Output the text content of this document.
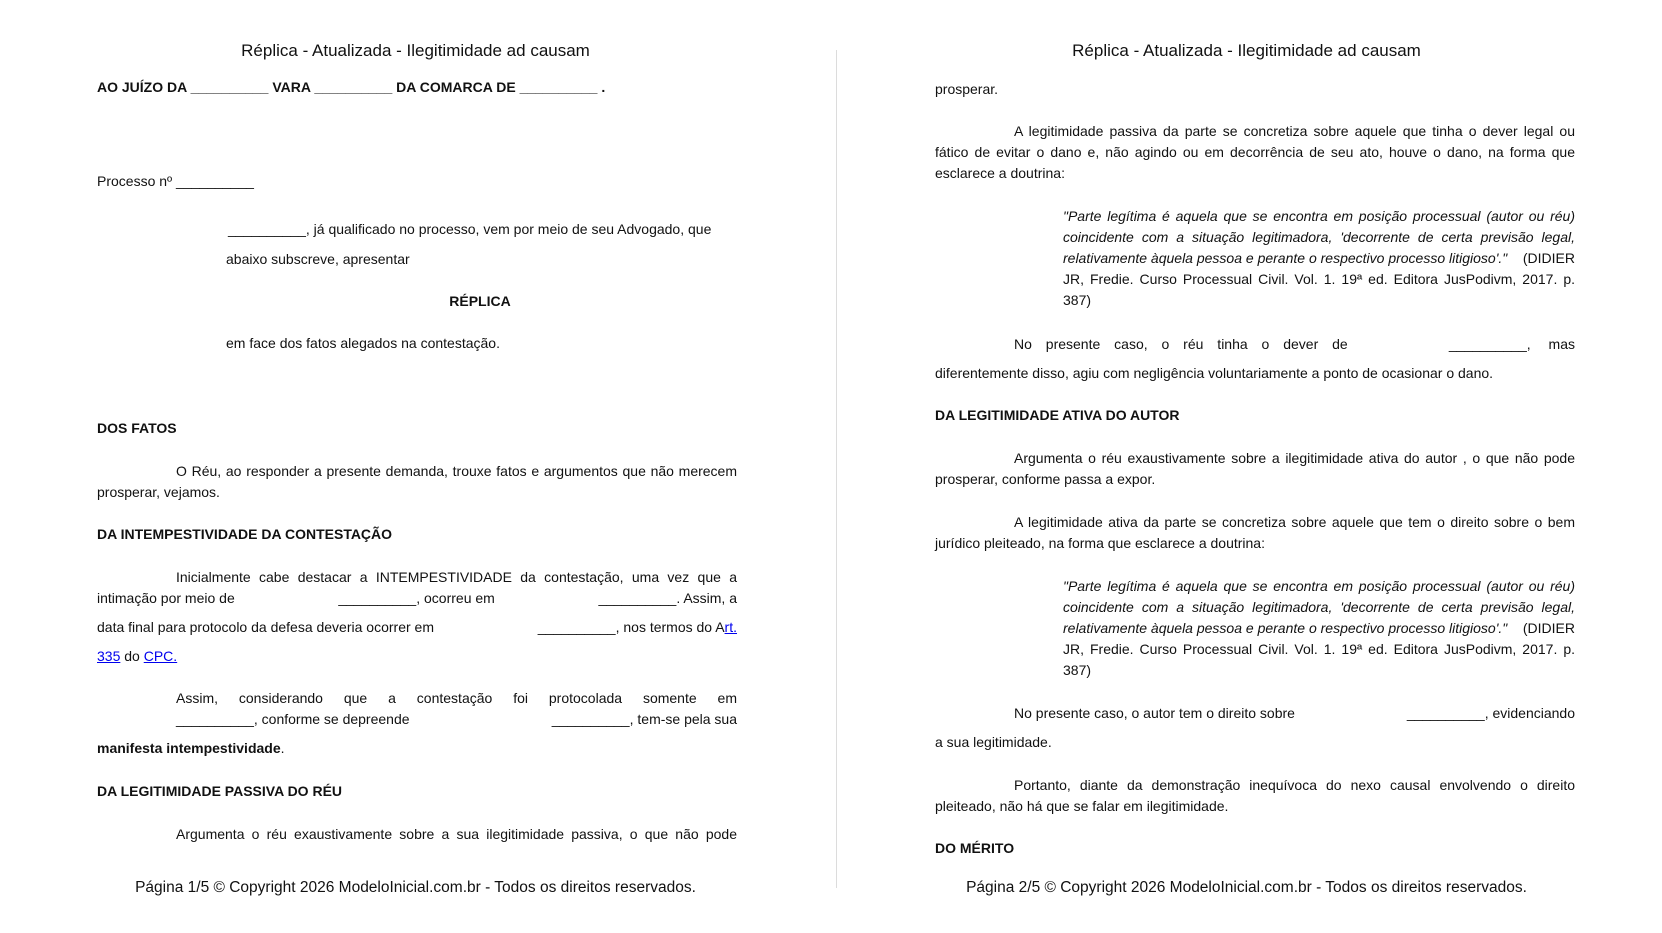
Réplica - Atualizada - Ilegitimidade ad causam
AO JUÍZO DA __________ VARA __________ DA COMARCA DE __________ .
Processo nº __________
__________, já qualificado no processo, vem por meio de seu Advogado, que
abaixo subscreve, apresentar
RÉPLICA
em face dos fatos alegados na contestação.
DOS FATOS
O Réu, ao responder a presente demanda, trouxe fatos e argumentos que não merecem
prosperar, vejamos.
DA INTEMPESTIVIDADE DA CONTESTAÇÃO
Inicialmente cabe destacar a INTEMPESTIVIDADE da contestação, uma vez que a
intimação por meio de	__________, ocorreu em	__________. Assim, a
data final para protocolo da defesa deveria ocorrer em	__________, nos termos do Art.
335 do CPC.
Assim, considerando que a contestação foi protocolada somente em
__________, conforme se depreende	__________, tem-se pela sua
manifesta intempestividade.
DA LEGITIMIDADE PASSIVA DO RÉU
Argumenta o réu exaustivamente sobre a sua ilegitimidade passiva, o que não pode
Página 1/5 © Copyright 2026 ModeloInicial.com.br - Todos os direitos reservados.
Réplica - Atualizada - Ilegitimidade ad causam
prosperar.
A legitimidade passiva da parte se concretiza sobre aquele que tinha o dever legal ou
fático de evitar o dano e, não agindo ou em decorrência de seu ato, houve o dano, na forma que
esclarece a doutrina:
"Parte legítima é aquela que se encontra em posição processual (autor ou réu)
coincidente com a situação legitimadora, 'decorrente de certa previsão legal,
relativamente àquela pessoa e perante o respectivo processo litigioso'." (DIDIER
JR, Fredie. Curso Processual Civil. Vol. 1. 19ª ed. Editora JusPodivm, 2017. p.
387)
No presente caso, o réu tinha o dever de	__________, mas
diferentemente disso, agiu com negligência voluntariamente a ponto de ocasionar o dano.
DA LEGITIMIDADE ATIVA DO AUTOR
Argumenta o réu exaustivamente sobre a ilegitimidade ativa do autor , o que não pode
prosperar, conforme passa a expor.
A legitimidade ativa da parte se concretiza sobre aquele que tem o direito sobre o bem
jurídico pleiteado, na forma que esclarece a doutrina:
"Parte legítima é aquela que se encontra em posição processual (autor ou réu)
coincidente com a situação legitimadora, 'decorrente de certa previsão legal,
relativamente àquela pessoa e perante o respectivo processo litigioso'." (DIDIER
JR, Fredie. Curso Processual Civil. Vol. 1. 19ª ed. Editora JusPodivm, 2017. p.
387)
No presente caso, o autor tem o direito sobre	__________, evidenciando
a sua legitimidade.
Portanto, diante da demonstração inequívoca do nexo causal envolvendo o direito
pleiteado, não há que se falar em ilegitimidade.
DO MÉRITO
Página 2/5 © Copyright 2026 ModeloInicial.com.br - Todos os direitos reservados.
